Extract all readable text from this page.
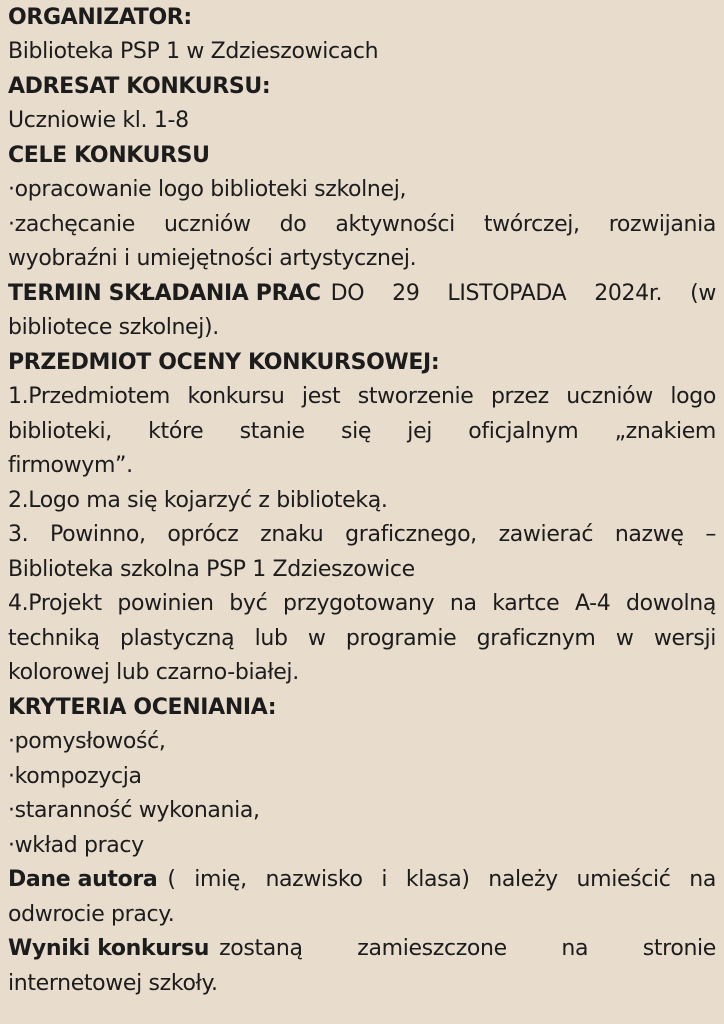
ORGANIZATOR:
Biblioteka PSP 1 w Zdzieszowicach
ADRESAT KONKURSU:
Uczniowie kl. 1-8
CELE KONKURSU
·opracowanie logo biblioteki szkolnej,
·zachęcanie uczniów do aktywności twórczej, rozwijania
wyobraźni i umiejętności artystycznej.
TERMIN SKŁADANIA PRAC DO 29 LISTOPADA 2024r. (w
bibliotece szkolnej).
PRZEDMIOT OCENY KONKURSOWEJ:
1.Przedmiotem konkursu jest stworzenie przez uczniów logo
biblioteki, które stanie się jej oficjalnym „znakiem
firmowym”.
2.Logo ma się kojarzyć z biblioteką.
3. Powinno, oprócz znaku graficznego, zawierać nazwę –
Biblioteka szkolna PSP 1 Zdzieszowice
4.Projekt powinien być przygotowany na kartce A-4 dowolną
techniką plastyczną lub w programie graficznym w wersji
kolorowej lub czarno-białej.
KRYTERIA OCENIANIA:
·pomysłowość,
·kompozycja
·staranność wykonania,
·wkład pracy
Dane autora ( imię, nazwisko i klasa) należy umieścić na
odwrocie pracy.
Wyniki konkursu zostaną zamieszczone na stronie
internetowej szkoły.
